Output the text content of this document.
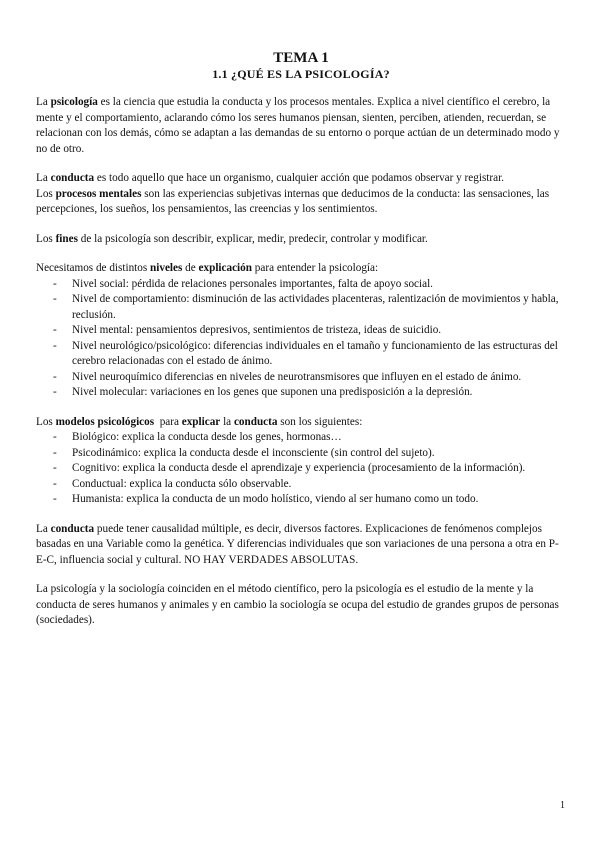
TEMA 1
1.1 ¿QUÉ ES LA PSICOLOGÍA?

La psicología es la ciencia que estudia la conducta y los procesos mentales. Explica a nivel científico el cerebro, la mente y el comportamiento, aclarando cómo los seres humanos piensan, sienten, perciben, atienden, recuerdan, se relacionan con los demás, cómo se adaptan a las demandas de su entorno o porque actúan de un determinado modo y no de otro.

La conducta es todo aquello que hace un organismo, cualquier acción que podamos observar y registrar.

Los procesos mentales son las experiencias subjetivas internas que deducimos de la conducta: las sensaciones, las percepciones, los sueños, los pensamientos, las creencias y los sentimientos.

Los fines de la psicología son describir, explicar, medir, predecir, controlar y modificar.

Necesitamos de distintos niveles de explicación para entender la psicología:

- Nivel social: pérdida de relaciones personales importantes, falta de apoyo social.
- Nivel de comportamiento: disminución de las actividades placenteras, ralentización de movimientos y habla, reclusión.
- Nivel mental: pensamientos depresivos, sentimientos de tristeza, ideas de suicidio.
- Nivel neurológico/psicológico: diferencias individuales en el tamaño y funcionamiento de las estructuras del cerebro relacionadas con el estado de ánimo.
- Nivel neuroquímico diferencias en niveles de neurotransmisores que influyen en el estado de ánimo.
- Nivel molecular: variaciones en los genes que suponen una predisposición a la depresión.

Los modelos psicológicos  para explicar la conducta son los siguientes:

- Biológico: explica la conducta desde los genes, hormonas…
- Psicodinámico: explica la conducta desde el inconsciente (sin control del sujeto).
- Cognitivo: explica la conducta desde el aprendizaje y experiencia (procesamiento de la información).
- Conductual: explica la conducta sólo observable.
- Humanista: explica la conducta de un modo holístico, viendo al ser humano como un todo.

La conducta puede tener causalidad múltiple, es decir, diversos factores. Explicaciones de fenómenos complejos basadas en una Variable como la genética. Y diferencias individuales que son variaciones de una persona a otra en P-E-C, influencia social y cultural. NO HAY VERDADES ABSOLUTAS.

La psicología y la sociología coinciden en el método científico, pero la psicología es el estudio de la mente y la conducta de seres humanos y animales y en cambio la sociología se ocupa del estudio de grandes grupos de personas (sociedades).

1
